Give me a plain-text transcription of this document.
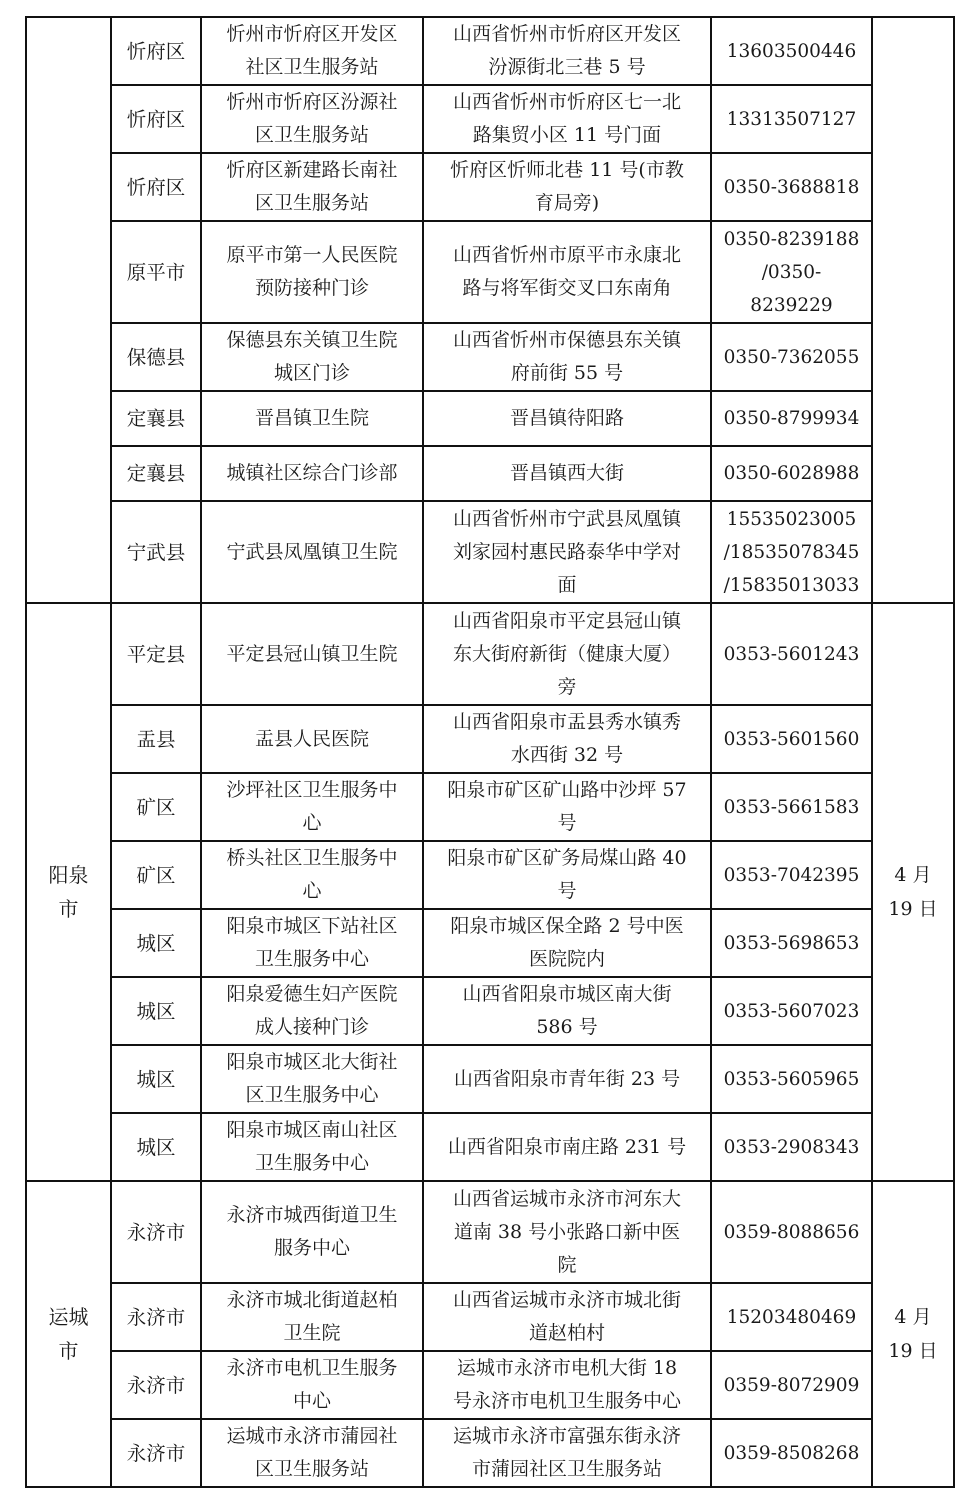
	忻府区	忻州市忻府区开发区
社区卫生服务站	山西省忻州市忻府区开发区
汾源街北三巷 5 号	13603500446	

	忻府区	忻州市忻府区汾源社
区卫生服务站	山西省忻州市忻府区七一北
路集贸小区 11 号门面	13313507127	

	忻府区	忻府区新建路长南社
区卫生服务站	忻府区忻师北巷 11 号(市教
育局旁)	0350-3688818	

	原平市	原平市第一人民医院
预防接种门诊	山西省忻州市原平市永康北
路与将军街交叉口东南角	0350-8239188
/0350-
8239229	

	保德县	保德县东关镇卫生院
城区门诊	山西省忻州市保德县东关镇
府前街 55 号	0350-7362055	

	定襄县	晋昌镇卫生院	晋昌镇待阳路	0350-8799934	

	定襄县	城镇社区综合门诊部	晋昌镇西大街	0350-6028988	

	宁武县	宁武县凤凰镇卫生院	山西省忻州市宁武县凤凰镇
刘家园村惠民路泰华中学对
面	15535023005
/18535078345
/15835013033	

阳泉
市	平定县	平定县冠山镇卫生院	山西省阳泉市平定县冠山镇
东大街府新街（健康大厦）
旁	0353-5601243	4 月
19 日

	盂县	盂县人民医院	山西省阳泉市盂县秀水镇秀
水西街 32 号	0353-5601560	

	矿区	沙坪社区卫生服务中
心	阳泉市矿区矿山路中沙坪 57
号	0353-5661583	

	矿区	桥头社区卫生服务中
心	阳泉市矿区矿务局煤山路 40
号	0353-7042395	

	城区	阳泉市城区下站社区
卫生服务中心	阳泉市城区保全路 2 号中医
医院院内	0353-5698653	

	城区	阳泉爱德生妇产医院
成人接种门诊	山西省阳泉市城区南大街
586 号	0353-5607023	

	城区	阳泉市城区北大街社
区卫生服务中心	山西省阳泉市青年街 23 号	0353-5605965	

	城区	阳泉市城区南山社区
卫生服务中心	山西省阳泉市南庄路 231 号	0353-2908343	

运城
市	永济市	永济市城西街道卫生
服务中心	山西省运城市永济市河东大
道南 38 号小张路口新中医
院	0359-8088656	4 月
19 日

	永济市	永济市城北街道赵柏
卫生院	山西省运城市永济市城北街
道赵柏村	15203480469	

	永济市	永济市电机卫生服务
中心	运城市永济市电机大街 18
号永济市电机卫生服务中心	0359-8072909	

	永济市	运城市永济市蒲园社
区卫生服务站	运城市永济市富强东街永济
市蒲园社区卫生服务站	0359-8508268	
